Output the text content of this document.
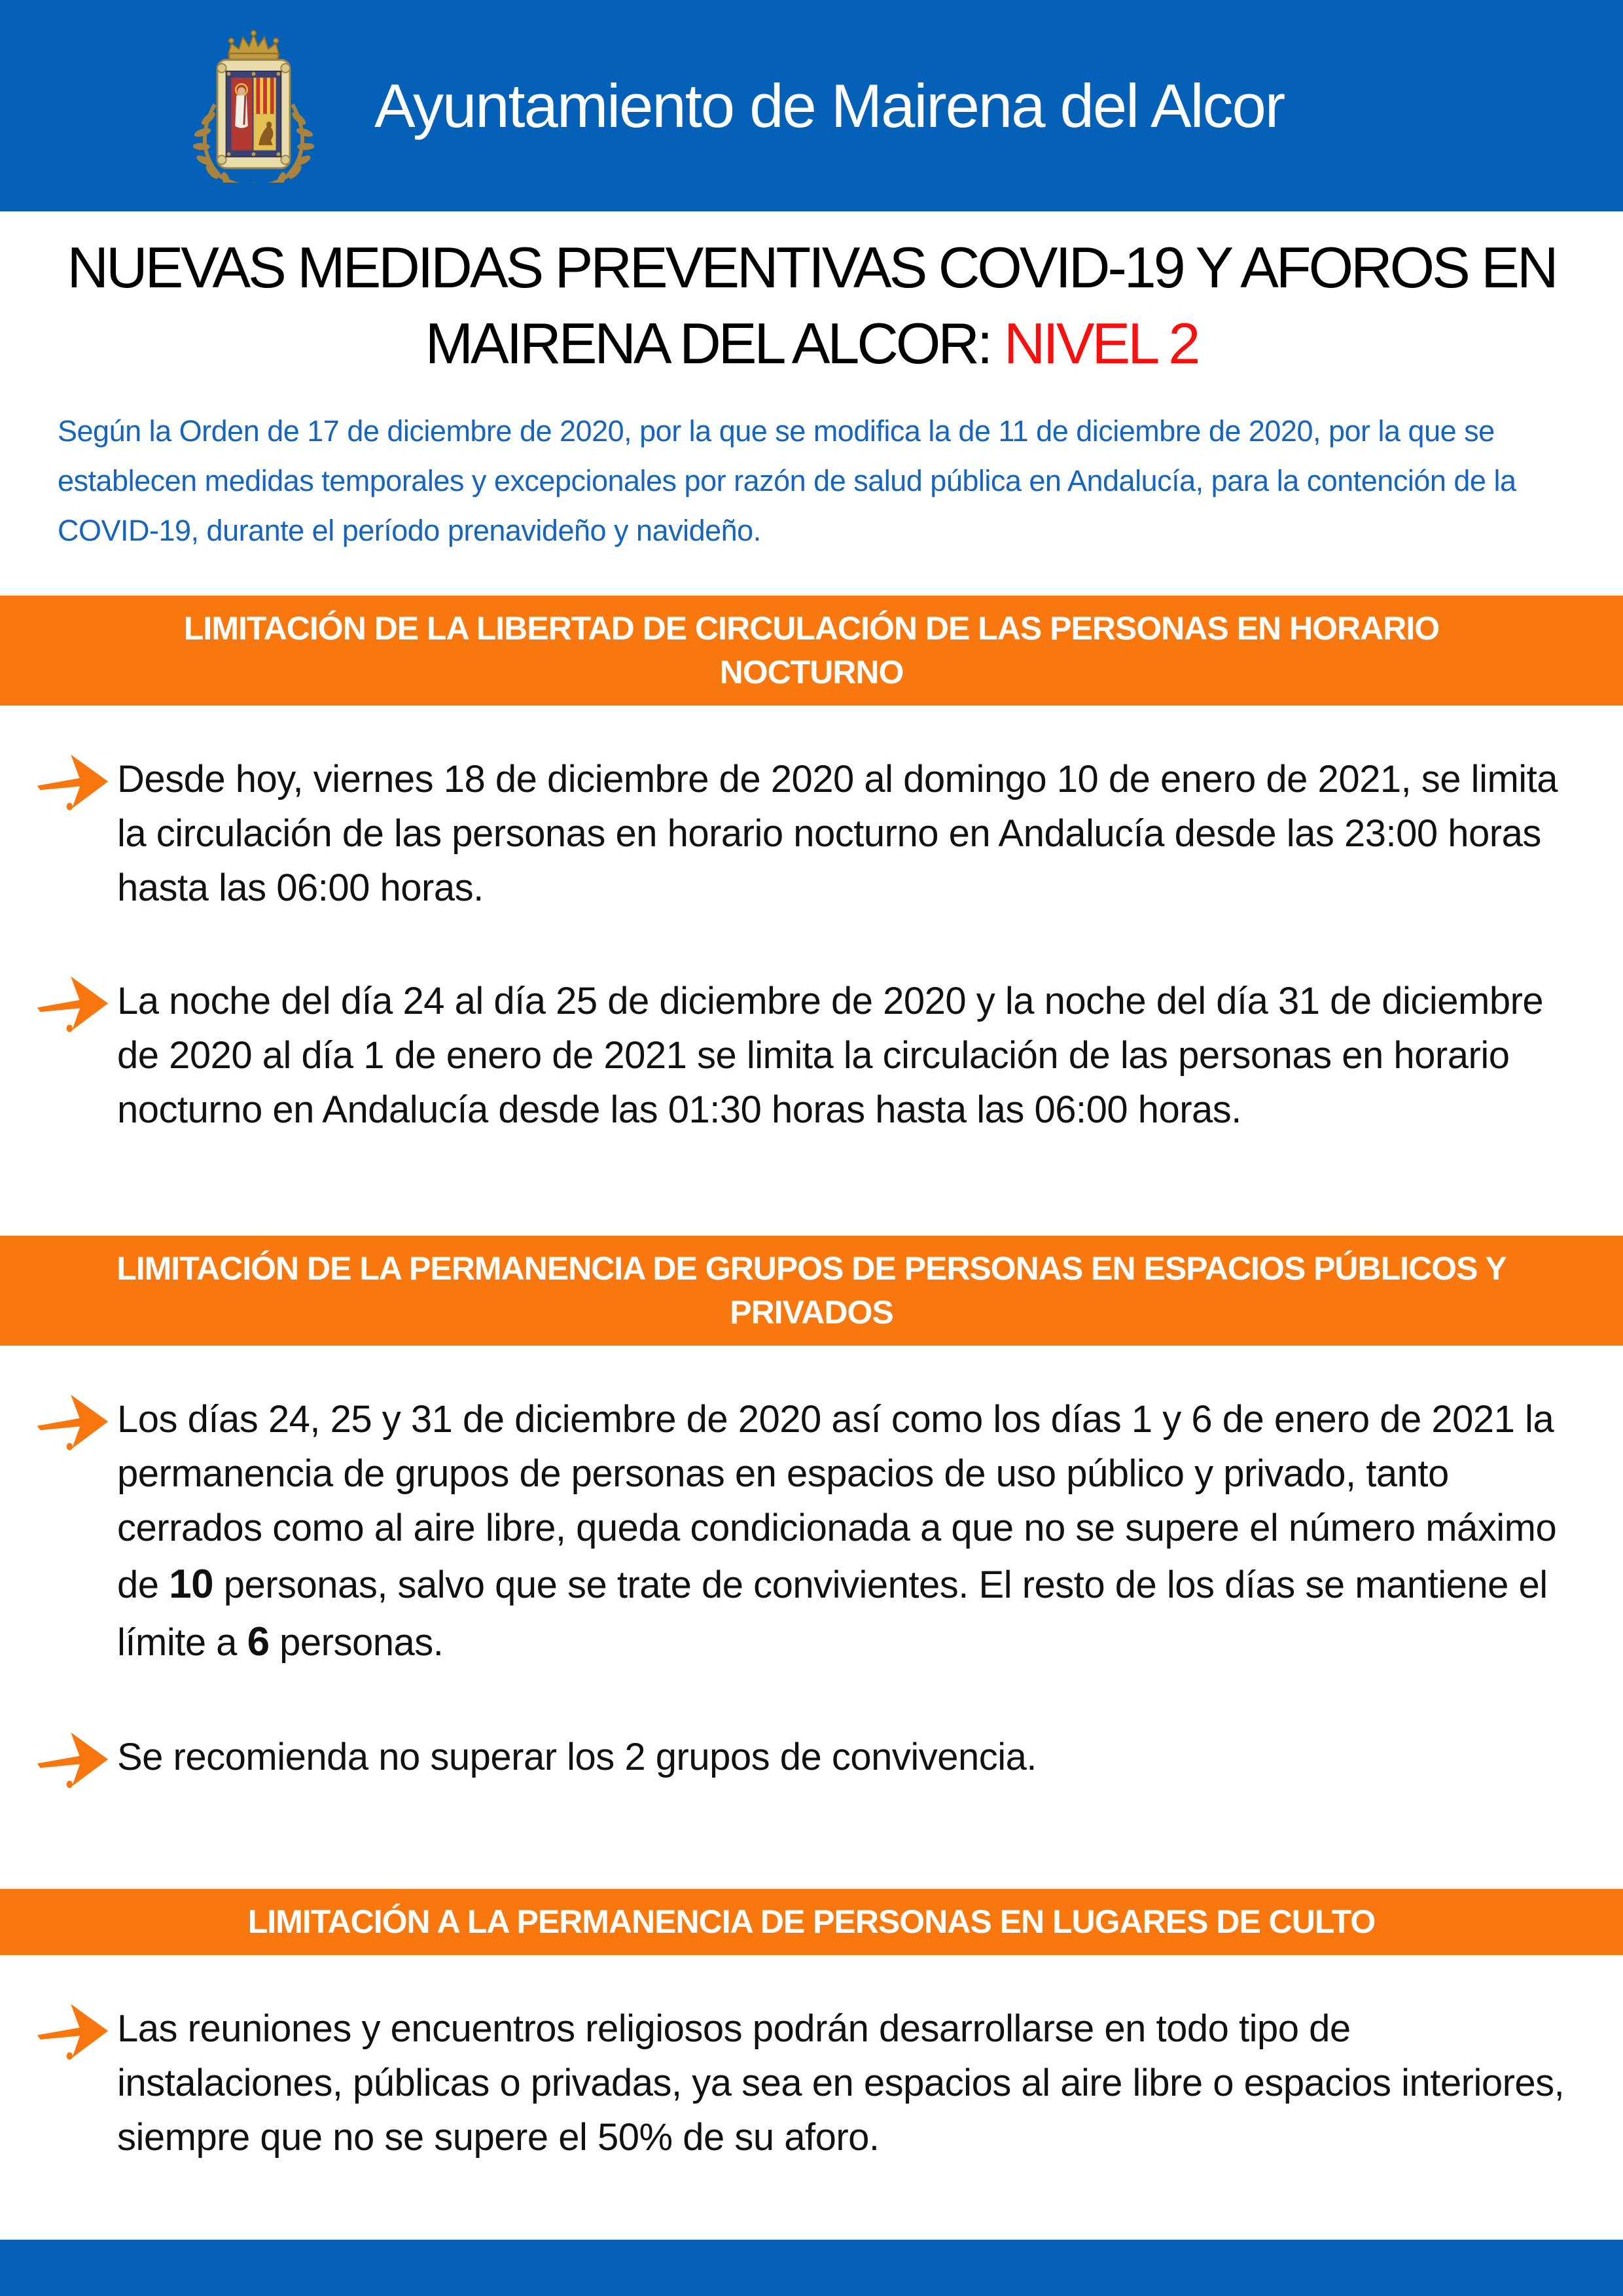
Ayuntamiento de Mairena del Alcor
NUEVAS MEDIDAS PREVENTIVAS COVID-19 Y AFOROS EN
MAIRENA DEL ALCOR: NIVEL 2

Según la Orden de 17 de diciembre de 2020, por la que se modifica la de 11 de diciembre de 2020, por la que se establecen medidas temporales y excepcionales por razón de salud pública en Andalucía, para la contención de la COVID-19, durante el período prenavideño y navideño.

LIMITACIÓN DE LA LIBERTAD DE CIRCULACIÓN DE LAS PERSONAS EN HORARIO NOCTURNO

Desde hoy, viernes 18 de diciembre de 2020 al domingo 10 de enero de 2021, se limita la circulación de las personas en horario nocturno en Andalucía desde las 23:00 horas hasta las 06:00 horas.

La noche del día 24 al día 25 de diciembre de 2020 y la noche del día 31 de diciembre de 2020 al día 1 de enero de 2021 se limita la circulación de las personas en horario nocturno en Andalucía desde las 01:30 horas hasta las 06:00 horas.

LIMITACIÓN DE LA PERMANENCIA DE GRUPOS DE PERSONAS EN ESPACIOS PÚBLICOS Y PRIVADOS

Los días 24, 25 y 31 de diciembre de 2020 así como los días 1 y 6 de enero de 2021 la permanencia de grupos de personas en espacios de uso público y privado, tanto cerrados como al aire libre, queda condicionada a que no se supere el número máximo de 10 personas, salvo que se trate de convivientes. El resto de los días se mantiene el límite a 6 personas.

Se recomienda no superar los 2 grupos de convivencia.

LIMITACIÓN A LA PERMANENCIA DE PERSONAS EN LUGARES DE CULTO

Las reuniones y encuentros religiosos podrán desarrollarse en todo tipo de instalaciones, públicas o privadas, ya sea en espacios al aire libre o espacios interiores, siempre que no se supere el 50% de su aforo.
